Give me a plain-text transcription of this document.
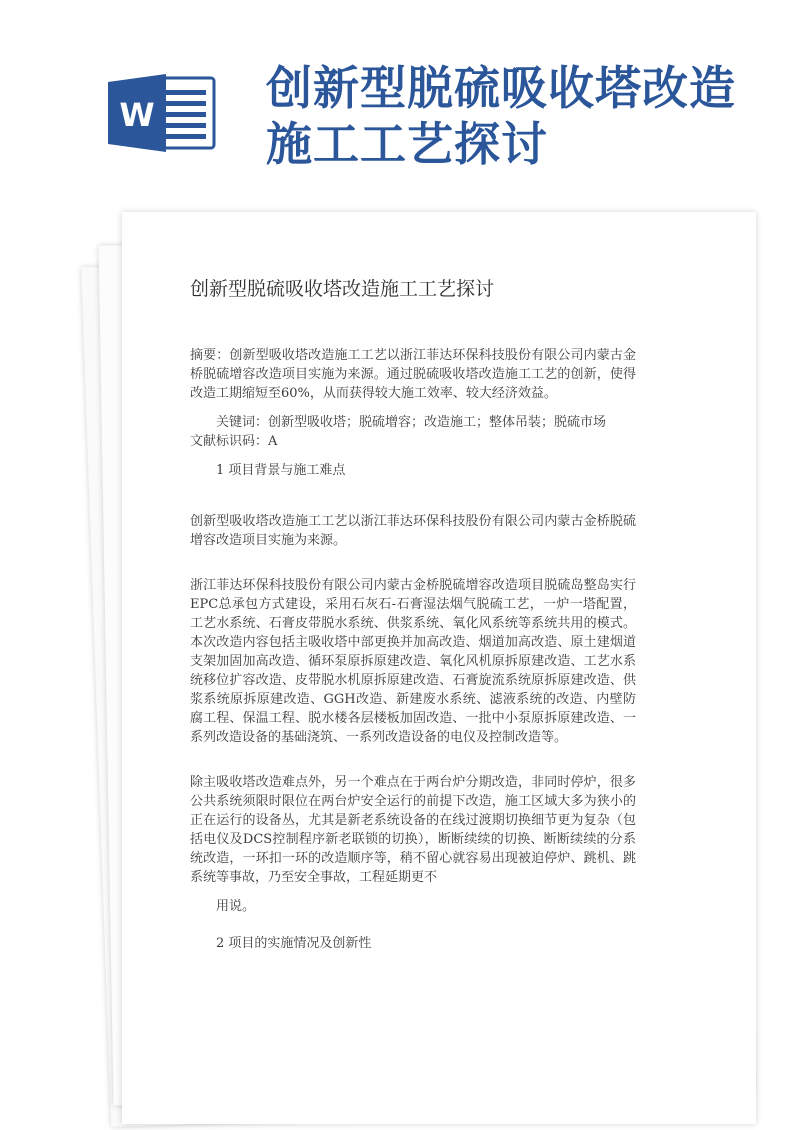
W 创新型脱硫吸收塔改造
施工工艺探讨
创新型脱硫吸收塔改造施工工艺探讨

摘要：创新型吸收塔改造施工工艺以浙江菲达环保科技股份有限公司内蒙古金桥脱硫增容改造项目实施为来源。通过脱硫吸收塔改造施工工艺的创新，使得改造工期缩短至60%，从而获得较大施工效率、较大经济效益。

关键词：创新型吸收塔；脱硫增容；改造施工；整体吊装；脱硫市场

文献标识码：A

1 项目背景与施工难点

创新型吸收塔改造施工工艺以浙江菲达环保科技股份有限公司内蒙古金桥脱硫增容改造项目实施为来源。

浙江菲达环保科技股份有限公司内蒙古金桥脱硫增容改造项目脱硫岛整岛实行EPC总承包方式建设，采用石灰石-石膏湿法烟气脱硫工艺，一炉一塔配置，工艺水系统、石膏皮带脱水系统、供浆系统、氧化风系统等系统共用的模式。本次改造内容包括主吸收塔中部更换并加高改造、烟道加高改造、原土建烟道支架加固加高改造、循环泵原拆原建改造、氧化风机原拆原建改造、工艺水系统移位扩容改造、皮带脱水机原拆原建改造、石膏旋流系统原拆原建改造、供浆系统原拆原建改造、GGH改造、新建废水系统、滤液系统的改造、内壁防腐工程、保温工程、脱水楼各层楼板加固改造、一批中小泵原拆原建改造、一系列改造设备的基础浇筑、一系列改造设备的电仪及控制改造等。

除主吸收塔改造难点外，另一个难点在于两台炉分期改造，非同时停炉，很多公共系统须限时限位在两台炉安全运行的前提下改造，施工区域大多为狭小的正在运行的设备丛，尤其是新老系统设备的在线过渡期切换细节更为复杂（包括电仪及DCS控制程序新老联锁的切换），断断续续的切换、断断续续的分系统改造，一环扣一环的改造顺序等，稍不留心就容易出现被迫停炉、跳机、跳系统等事故，乃至安全事故，工程延期更不

用说。

2 项目的实施情况及创新性
